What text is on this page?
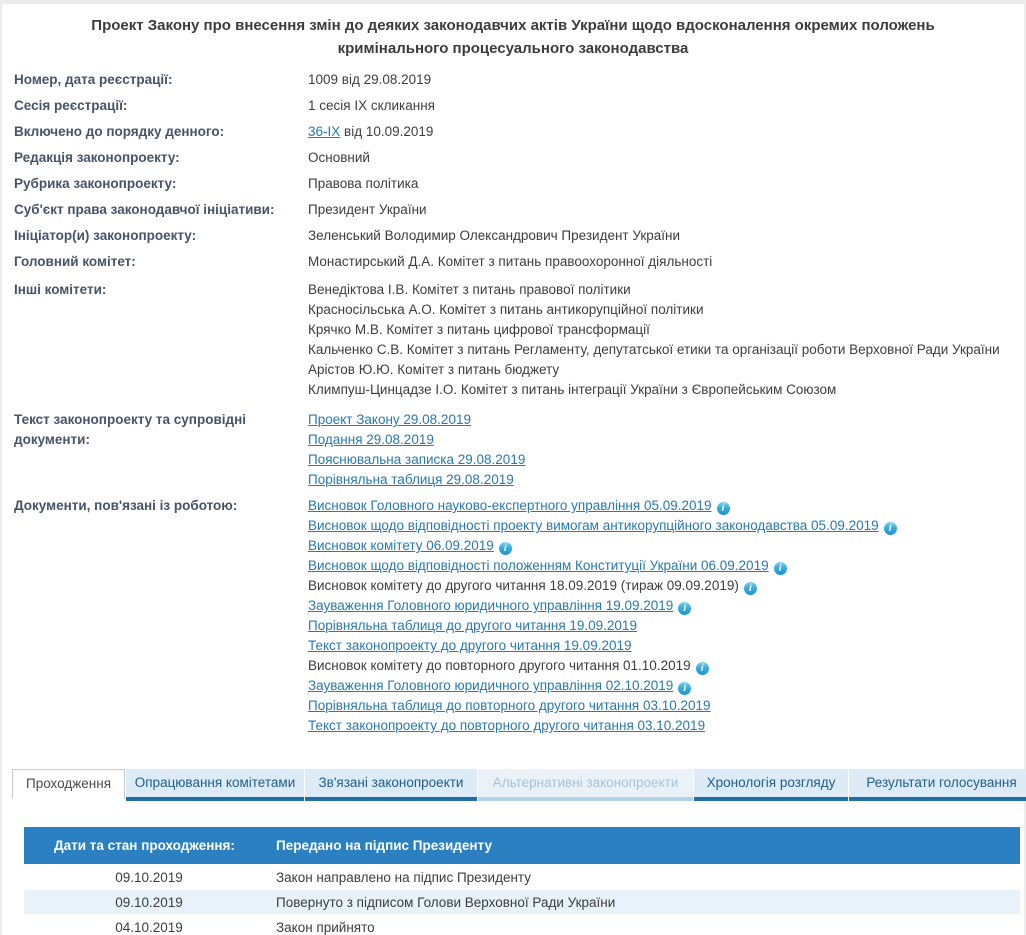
Проект Закону про внесення змін до деяких законодавчих актів України щодо вдосконалення окремих положень кримінального процесуального законодавства
Номер, дата реєстрації:	1009 від 29.08.2019
Сесія реєстрації:	1 сесія IX скликання
Включено до порядку денного:	36-IX від 10.09.2019
Редакція законопроекту:	Основний
Рубрика законопроекту:	Правова політика
Суб'єкт права законодавчої ініціативи:	Президент України
Ініціатор(и) законопроекту:	Зеленський Володимир Олександрович Президент України
Головний комітет:	Монастирський Д.А. Комітет з питань правоохоронної діяльності
Інші комітети:	Венедіктова І.В. Комітет з питань правової політики
Красносільська А.О. Комітет з питань антикорупційної політики
Крячко М.В. Комітет з питань цифрової трансформації
Кальченко С.В. Комітет з питань Регламенту, депутатської етики та організації роботи Верховної Ради України
Арістов Ю.Ю. Комітет з питань бюджету
Климпуш-Цинцадзе І.О. Комітет з питань інтеграції України з Європейським Союзом
Текст законопроекту та супровідні документи:
Проект Закону 29.08.2019
Подання 29.08.2019
Пояснювальна записка 29.08.2019
Порівняльна таблиця 29.08.2019
Документи, пов'язані із роботою:	Висновок Головного науково-експертного управління 05.09.2019 i
Висновок щодо відповідності проекту вимогам антикорупційного законодавства 05.09.2019 i
Висновок комітету 06.09.2019 i
Висновок щодо відповідності положенням Конституції України 06.09.2019 i
Висновок комітету до другого читання 18.09.2019 (тираж 09.09.2019) i
Зауваження Головного юридичного управління 19.09.2019 i
Порівняльна таблиця до другого читання 19.09.2019
Текст законопроекту до другого читання 19.09.2019
Висновок комітету до повторного другого читання 01.10.2019 i
Зауваження Головного юридичного управління 02.10.2019 i
Порівняльна таблиця до повторного другого читання 03.10.2019
Текст законопроекту до повторного другого читання 03.10.2019
Проходження	Опрацювання комітетами	Зв'язані законопроекти	Альтернативні законопроекти	Хронологія розгляду	Результати голосування
Дати та стан проходження:	Передано на підпис Президенту
09.10.2019	Закон направлено на підпис Президенту
09.10.2019	Повернуто з підписом Голови Верховної Ради України
04.10.2019	Закон прийнято
